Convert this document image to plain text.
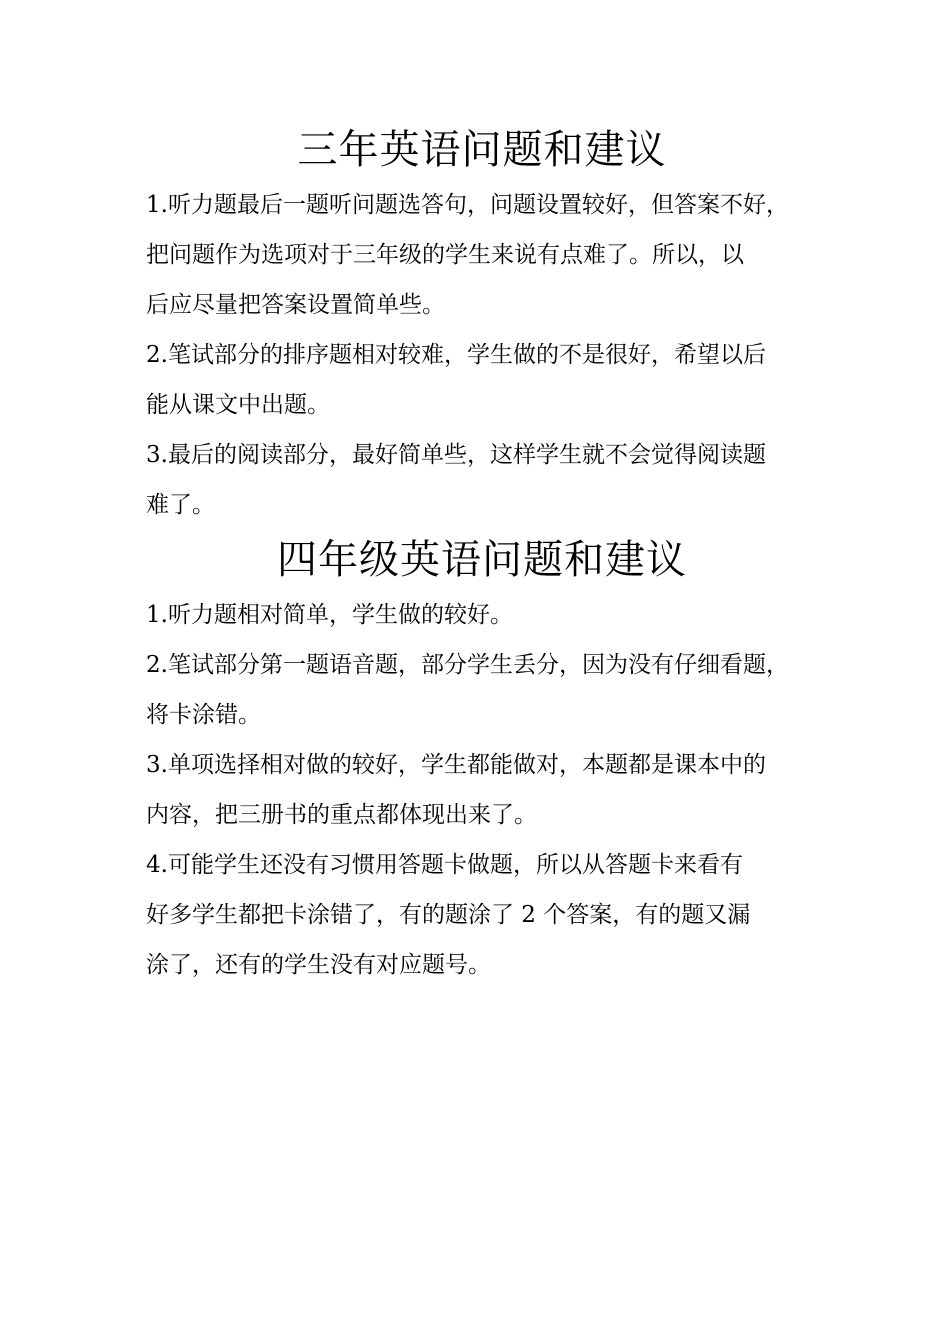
三年英语问题和建议

1.听力题最后一题听问题选答句，问题设置较好，但答案不好，
把问题作为选项对于三年级的学生来说有点难了。所以，以
后应尽量把答案设置简单些。

2.笔试部分的排序题相对较难，学生做的不是很好，希望以后
能从课文中出题。

3.最后的阅读部分，最好简单些，这样学生就不会觉得阅读题
难了。

四年级英语问题和建议

1.听力题相对简单，学生做的较好。

2.笔试部分第一题语音题，部分学生丢分，因为没有仔细看题，
将卡涂错。

3.单项选择相对做的较好，学生都能做对，本题都是课本中的
内容，把三册书的重点都体现出来了。

4.可能学生还没有习惯用答题卡做题，所以从答题卡来看有
好多学生都把卡涂错了，有的题涂了 2 个答案，有的题又漏
涂了，还有的学生没有对应题号。
